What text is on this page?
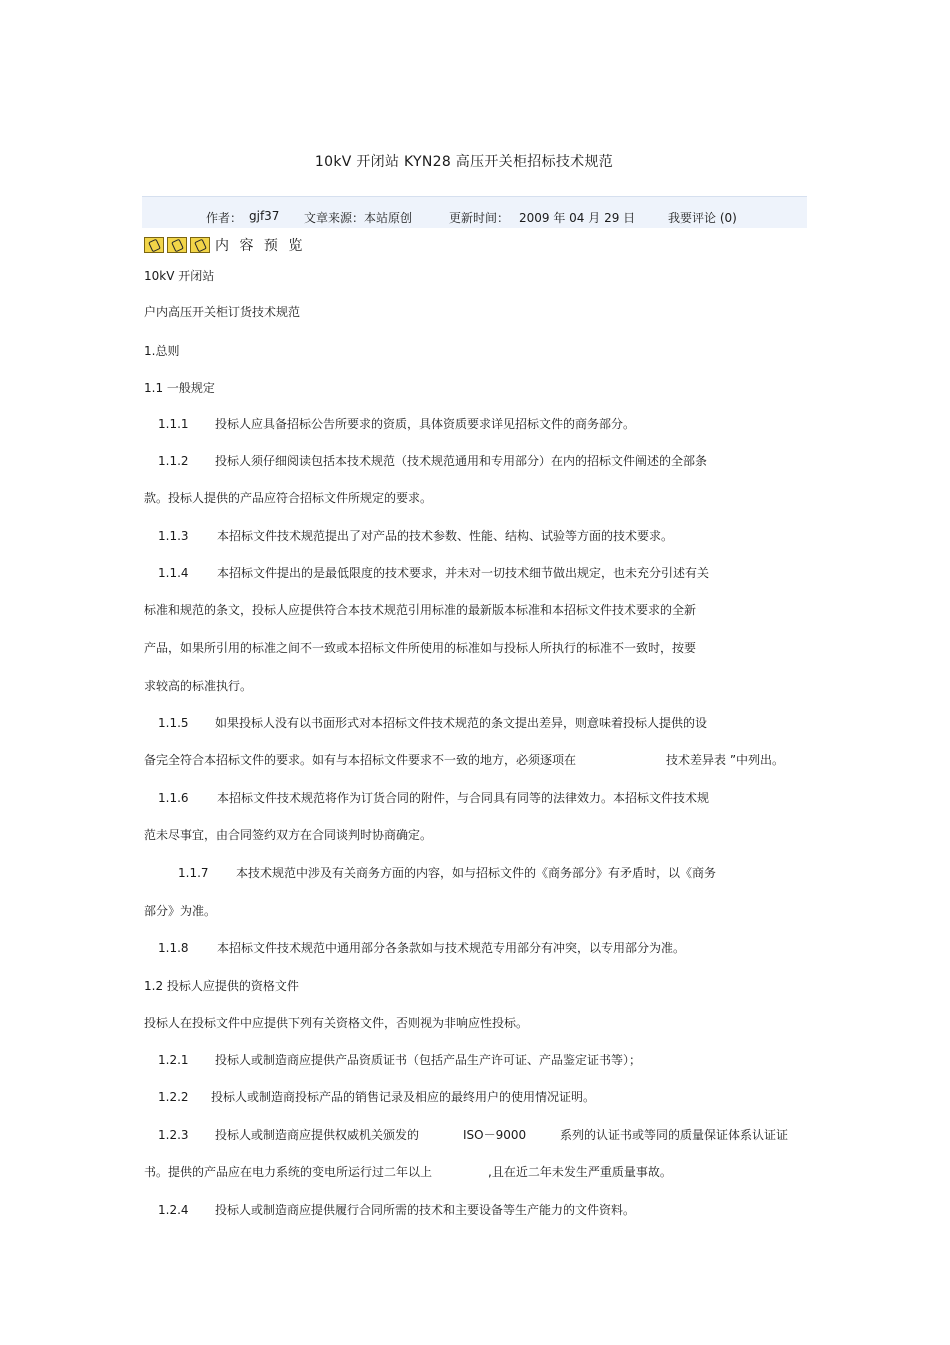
10kV 开闭站 KYN28 高压开关柜招标技术规范
作者： gjf37 文章来源：本站原创	更新时间： 2009 年 04 月 29 日	我要评论 (0)
内 容 预 览
10kV 开闭站
户内高压开关柜订货技术规范
1.总则
1.1 一般规定
1.1.1 投标人应具备招标公告所要求的资质，具体资质要求详见招标文件的商务部分。
1.1.2 投标人须仔细阅读包括本技术规范（技术规范通用和专用部分）在内的招标文件阐述的全部条
款。投标人提供的产品应符合招标文件所规定的要求。
1.1.3 本招标文件技术规范提出了对产品的技术参数、性能、结构、试验等方面的技术要求。
1.1.4 本招标文件提出的是最低限度的技术要求，并未对一切技术细节做出规定，也未充分引述有关
标准和规范的条文，投标人应提供符合本技术规范引用标准的最新版本标准和本招标文件技术要求的全新
产品，如果所引用的标准之间不一致或本招标文件所使用的标准如与投标人所执行的标准不一致时，按要
求较高的标准执行。
1.1.5 如果投标人没有以书面形式对本招标文件技术规范的条文提出差异，则意味着投标人提供的设
备完全符合本招标文件的要求。如有与本招标文件要求不一致的地方，必须逐项在	技术差异表 ”中列出。
1.1.6 本招标文件技术规范将作为订货合同的附件，与合同具有同等的法律效力。本招标文件技术规
范未尽事宜，由合同签约双方在合同谈判时协商确定。
1.1.7 本技术规范中涉及有关商务方面的内容，如与招标文件的《商务部分》有矛盾时，以《商务
部分》为准。
1.1.8 本招标文件技术规范中通用部分各条款如与技术规范专用部分有冲突，以专用部分为准。
1.2 投标人应提供的资格文件
投标人在投标文件中应提供下列有关资格文件，否则视为非响应性投标。
1.2.1 投标人或制造商应提供产品资质证书（包括产品生产许可证、产品鉴定证书等）；
1.2.2 投标人或制造商投标产品的销售记录及相应的最终用户的使用情况证明。
1.2.3 投标人或制造商应提供权威机关颁发的	ISO－9000	系列的认证书或等同的质量保证体系认证证
书。提供的产品应在电力系统的变电所运行过二年以上	,且在近二年未发生严重质量事故。
1.2.4 投标人或制造商应提供履行合同所需的技术和主要设备等生产能力的文件资料。
